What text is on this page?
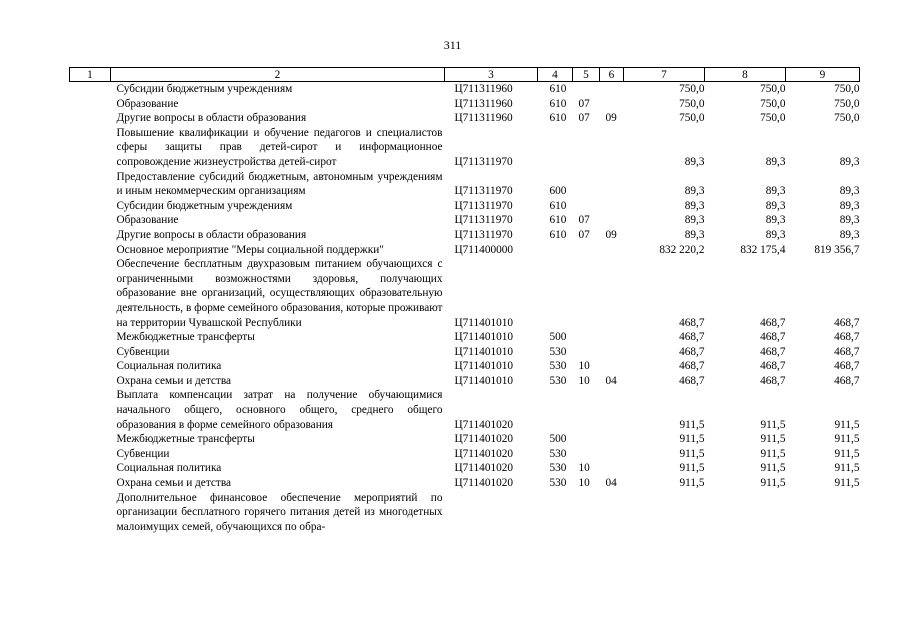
311
1	2	3	4	5	6	7	8	9
	Субсидии бюджетным учреждениям	Ц711311960	610			750,0	750,0	750,0
	Образование	Ц711311960	610	07		750,0	750,0	750,0
	Другие вопросы в области образования	Ц711311960	610	07	09	750,0	750,0	750,0
	Повышение квалификации и обучение педагогов и специалистов сферы защиты прав детей-сирот и информационное сопровождение жизнеустройства детей-сирот	Ц711311970				89,3	89,3	89,3
	Предоставление субсидий бюджетным, автономным учреждениям и иным некоммерческим организациям	Ц711311970	600			89,3	89,3	89,3
	Субсидии бюджетным учреждениям	Ц711311970	610			89,3	89,3	89,3
	Образование	Ц711311970	610	07		89,3	89,3	89,3
	Другие вопросы в области образования	Ц711311970	610	07	09	89,3	89,3	89,3
	Основное мероприятие "Меры социальной поддержки"	Ц711400000				832 220,2	832 175,4	819 356,7
	Обеспечение бесплатным двухразовым питанием обучающихся с ограниченными возможностями здоровья, получающих образование вне организаций, осуществляющих образовательную деятельность, в форме семейного образования, которые проживают на территории Чувашской Республики	Ц711401010				468,7	468,7	468,7
	Межбюджетные трансферты	Ц711401010	500			468,7	468,7	468,7
	Субвенции	Ц711401010	530			468,7	468,7	468,7
	Социальная политика	Ц711401010	530	10		468,7	468,7	468,7
	Охрана семьи и детства	Ц711401010	530	10	04	468,7	468,7	468,7
	Выплата компенсации затрат на получение обучающимися начального общего, основного общего, среднего общего образования в форме семейного образования	Ц711401020				911,5	911,5	911,5
	Межбюджетные трансферты	Ц711401020	500			911,5	911,5	911,5
	Субвенции	Ц711401020	530			911,5	911,5	911,5
	Социальная политика	Ц711401020	530	10		911,5	911,5	911,5
	Охрана семьи и детства	Ц711401020	530	10	04	911,5	911,5	911,5
	Дополнительное финансовое обеспечение мероприятий по организации бесплатного горячего питания детей из многодетных малоимущих семей, обучающихся по обра-							
